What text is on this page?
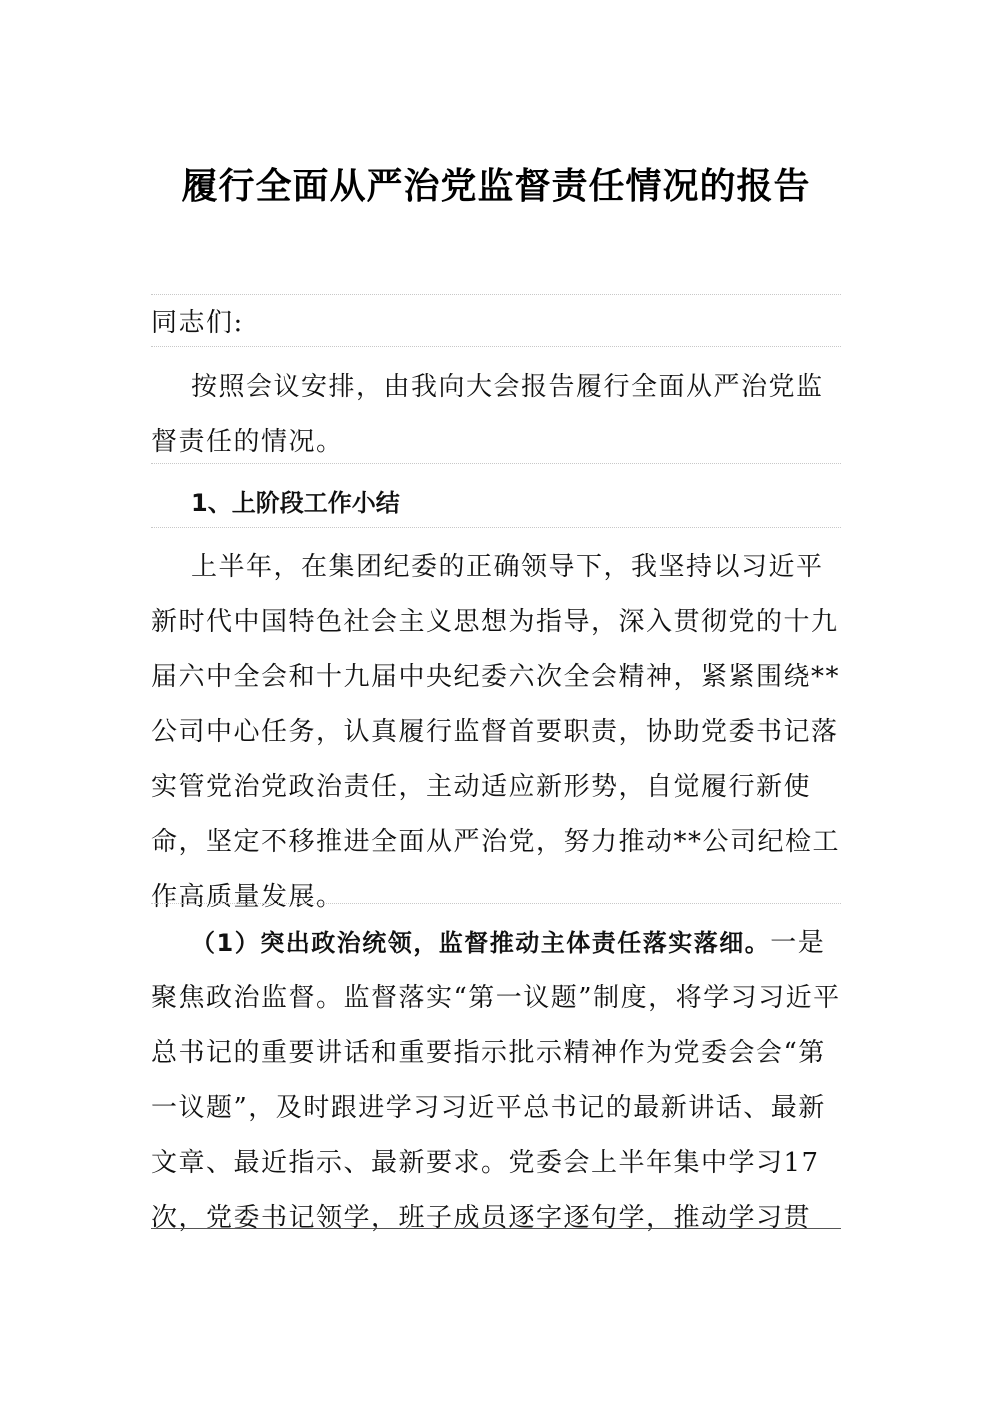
履行全面从严治党监督责任情况的报告

同志们:

按照会议安排，由我向大会报告履行全面从严治党监督责任的情况。

1、上阶段工作小结

上半年，在集团纪委的正确领导下，我坚持以习近平新时代中国特色社会主义思想为指导，深入贯彻党的十九届六中全会和十九届中央纪委六次全会精神，紧紧围绕**公司中心任务，认真履行监督首要职责，协助党委书记落实管党治党政治责任，主动适应新形势，自觉履行新使命，坚定不移推进全面从严治党，努力推动**公司纪检工作高质量发展。

（1）突出政治统领，监督推动主体责任落实落细。一是聚焦政治监督。监督落实“第一议题”制度，将学习习近平总书记的重要讲话和重要指示批示精神作为党委会会“第一议题”，及时跟进学习习近平总书记的最新讲话、最新文章、最近指示、最新要求。党委会上半年集中学习17次，党委书记领学，班子成员逐字逐句学，推动学习贯
